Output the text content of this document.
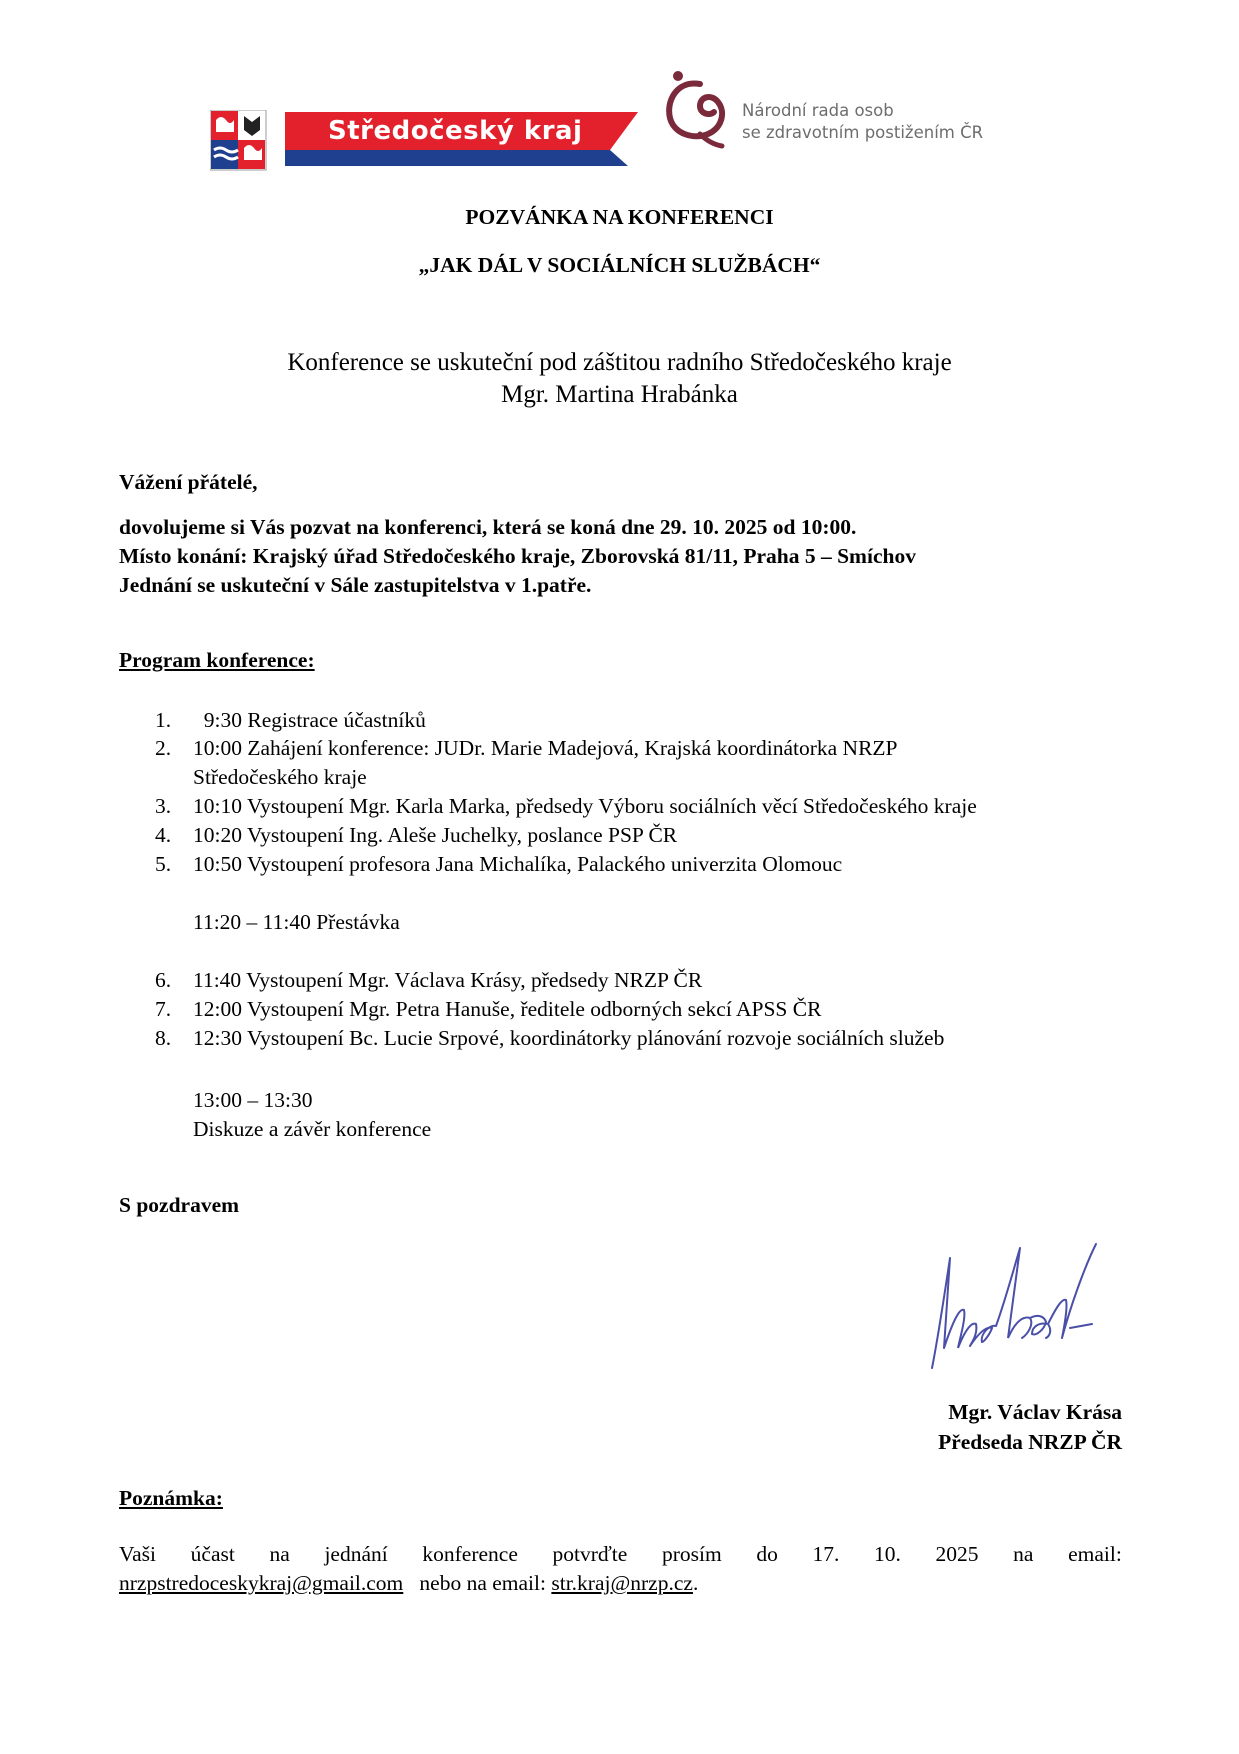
Středočeský kraj
Národní rada osob
se zdravotním postižením ČR
POZVÁNKA NA KONFERENCI
„JAK DÁL V SOCIÁLNÍCH SLUŽBÁCH“
Konference se uskuteční pod záštitou radního Středočeského kraje
Mgr. Martina Hrabánka
Vážení přátelé,
dovolujeme si Vás pozvat na konferenci, která se koná dne 29. 10. 2025 od 10:00.
Místo konání: Krajský úřad Středočeského kraje, Zborovská 81/11, Praha 5 – Smíchov
Jednání se uskuteční v Sále zastupitelstva v 1.patře.
Program konference:
1. 9:30 Registrace účastníků
2. 10:00 Zahájení konference: JUDr. Marie Madejová, Krajská koordinátorka NRZP
Středočeského kraje
3. 10:10 Vystoupení Mgr. Karla Marka, předsedy Výboru sociálních věcí Středočeského kraje
4. 10:20 Vystoupení Ing. Aleše Juchelky, poslance PSP ČR
5. 10:50 Vystoupení profesora Jana Michalíka, Palackého univerzita Olomouc
11:20 – 11:40 Přestávka
6. 11:40 Vystoupení Mgr. Václava Krásy, předsedy NRZP ČR
7. 12:00 Vystoupení Mgr. Petra Hanuše, ředitele odborných sekcí APSS ČR
8. 12:30 Vystoupení Bc. Lucie Srpové, koordinátorky plánování rozvoje sociálních služeb
13:00 – 13:30
Diskuze a závěr konference
S pozdravem
Mgr. Václav Krása
Předseda NRZP ČR
Poznámka:
Vaši účast na jednání konference potvrďte prosím do 17. 10. 2025 na email:
nrzpstredoceskykraj@gmail.com nebo na email: str.kraj@nrzp.cz.
